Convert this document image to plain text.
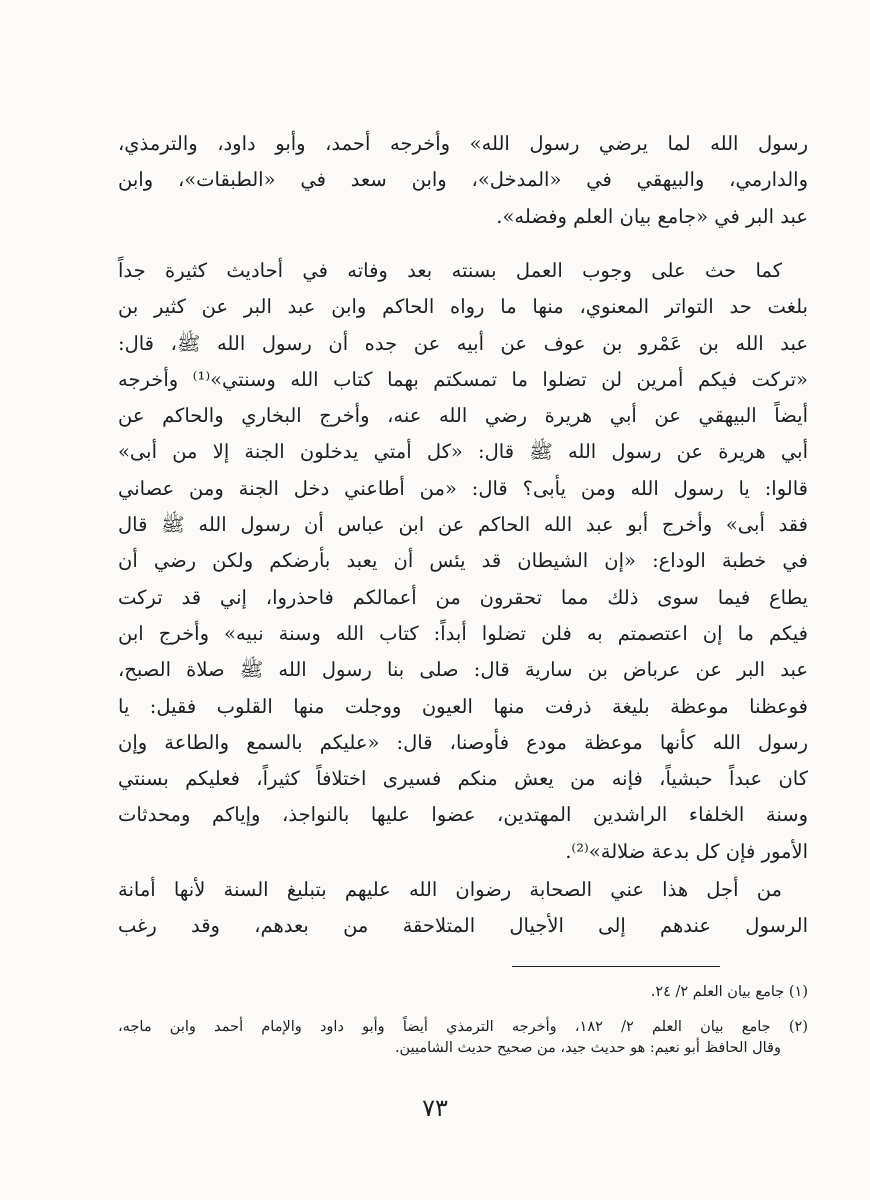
رسول الله لما يرضي رسول الله» وأخرجه أحمد، وأبو داود، والترمذي،
والدارمي، والبيهقي في «المدخل»، وابن سعد في «الطبقات»، وابن
عبد البر في «جامع بيان العلم وفضله».
كما حث على وجوب العمل بسنته بعد وفاته في أحاديث كثيرة جداً
بلغت حد التواتر المعنوي، منها ما رواه الحاكم وابن عبد البر عن كثير بن
عبد الله بن عَمْرو بن عوف عن أبيه عن جده أن رسول الله ﷺ، قال:
«تركت فيكم أمرين لن تضلوا ما تمسكتم بهما كتاب الله وسنتي»⁽¹⁾ وأخرجه
أيضاً البيهقي عن أبي هريرة رضي الله عنه، وأخرج البخاري والحاكم عن
أبي هريرة عن رسول الله ﷺ قال: «كل أمتي يدخلون الجنة إلا من أبى»
قالوا: يا رسول الله ومن يأبى؟ قال: «من أطاعني دخل الجنة ومن عصاني
فقد أبى» وأخرج أبو عبد الله الحاكم عن ابن عباس أن رسول الله ﷺ قال
في خطبة الوداع: «إن الشيطان قد يئس أن يعبد بأرضكم ولكن رضي أن
يطاع فيما سوى ذلك مما تحقرون من أعمالكم فاحذروا، إني قد تركت
فيكم ما إن اعتصمتم به فلن تضلوا أبداً: كتاب الله وسنة نبيه» وأخرج ابن
عبد البر عن عرباض بن سارية قال: صلى بنا رسول الله ﷺ صلاة الصبح،
فوعظنا موعظة بليغة ذرفت منها العيون ووجلت منها القلوب فقيل: يا
رسول الله كأنها موعظة مودع فأوصنا، قال: «عليكم بالسمع والطاعة وإن
كان عبداً حبشياً، فإنه من يعش منكم فسيرى اختلافاً كثيراً، فعليكم بسنتي
وسنة الخلفاء الراشدين المهتدين، عضوا عليها بالنواجذ، وإياكم ومحدثات
الأمور فإن كل بدعة ضلالة»⁽²⁾.
من أجل هذا عني الصحابة رضوان الله عليهم بتبليغ السنة لأنها أمانة
الرسول عندهم إلى الأجيال المتلاحقة من بعدهم، وقد رغب
(١) جامع بيان العلم ٢/ ٢٤.
(٢) جامع بيان العلم ٢/ ١٨٢، وأخرجه الترمذي أيضاً وأبو داود والإمام أحمد وابن ماجه،
وقال الحافظ أبو نعيم: هو حديث جيد، من صحيح حديث الشاميين.
٧٣
